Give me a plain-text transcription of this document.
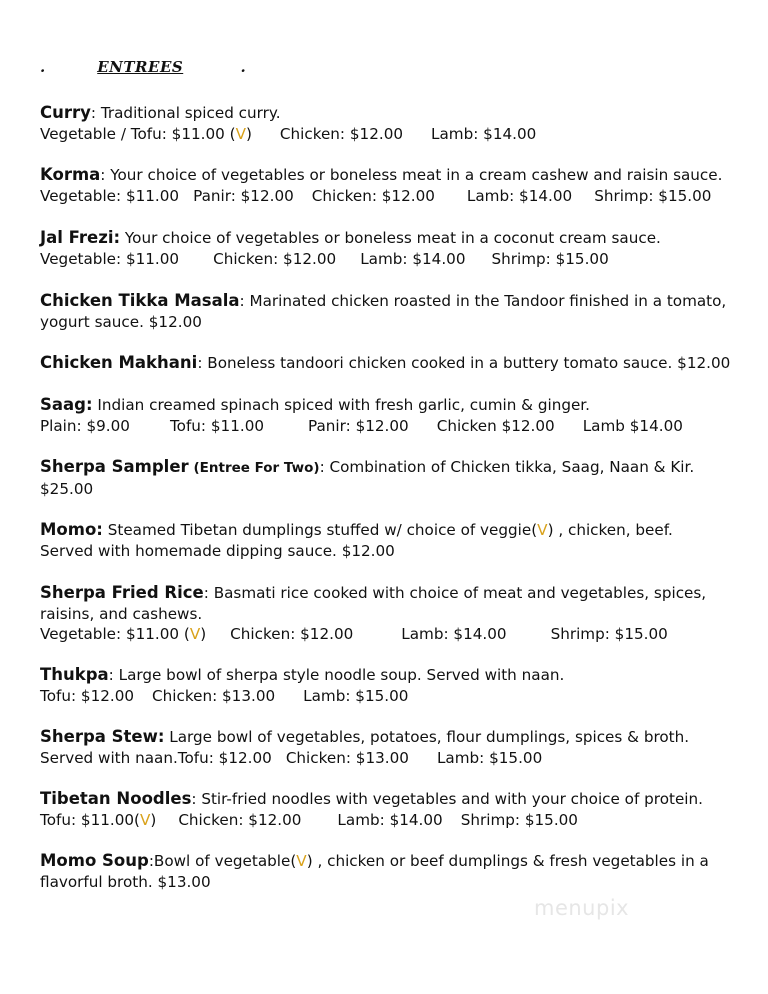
.	ENTREES	.
Curry: Traditional spiced curry.
Vegetable / Tofu: $11.00 (V) Chicken: $12.00 Lamb: $14.00
Korma: Your choice of vegetables or boneless meat in a cream cashew and raisin sauce.
Vegetable: $11.00 Panir: $12.00 Chicken: $12.00 Lamb: $14.00 Shrimp: $15.00
Jal Frezi: Your choice of vegetables or boneless meat in a coconut cream sauce.
Vegetable: $11.00 Chicken: $12.00 Lamb: $14.00 Shrimp: $15.00
Chicken Tikka Masala: Marinated chicken roasted in the Tandoor finished in a tomato,
yogurt sauce. $12.00
Chicken Makhani: Boneless tandoori chicken cooked in a buttery tomato sauce. $12.00
Saag: Indian creamed spinach spiced with fresh garlic, cumin & ginger.
Plain: $9.00	Tofu: $11.00	Panir: $12.00 Chicken $12.00 Lamb $14.00
Sherpa Sampler (Entree For Two): Combination of Chicken tikka, Saag, Naan & Kir.
$25.00
Momo: Steamed Tibetan dumplings stuffed w/ choice of veggie(V) , chicken, beef.
Served with homemade dipping sauce. $12.00
Sherpa Fried Rice: Basmati rice cooked with choice of meat and vegetables, spices,
raisins, and cashews.
Vegetable: $11.00 (V) Chicken: $12.00	Lamb: $14.00	Shrimp: $15.00
Thukpa: Large bowl of sherpa style noodle soup. Served with naan.
Tofu: $12.00 Chicken: $13.00 Lamb: $15.00
Sherpa Stew: Large bowl of vegetables, potatoes, flour dumplings, spices & broth.
Served with naan.Tofu: $12.00 Chicken: $13.00 Lamb: $15.00
Tibetan Noodles: Stir-fried noodles with vegetables and with your choice of protein.
Tofu: $11.00(V) Chicken: $12.00 Lamb: $14.00 Shrimp: $15.00
Momo Soup:Bowl of vegetable(V) , chicken or beef dumplings & fresh vegetables in a
flavorful broth. $13.00
menupix
